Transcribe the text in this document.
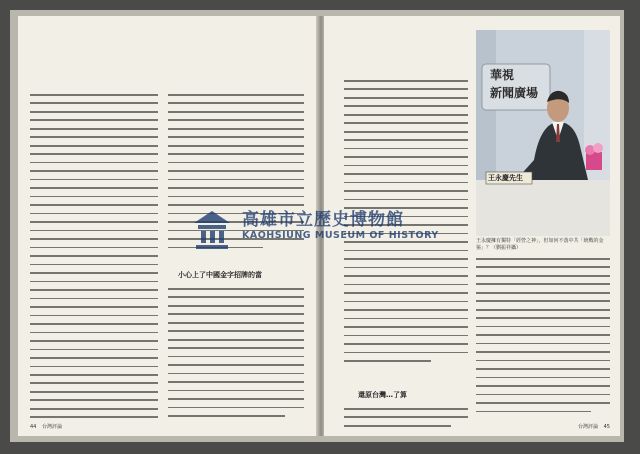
小心上了中國金字招牌的當
44 台灣評論
還原台灣…了算
華視
新聞廣場
王永慶先生
王永慶擁有獨特「經營之神」，但如何不落中共「統戰的金箍」？（劉振祥攝）
台灣評論 45
高雄市立歷史博物館
KAOHSIUNG MUSEUM OF HISTORY
